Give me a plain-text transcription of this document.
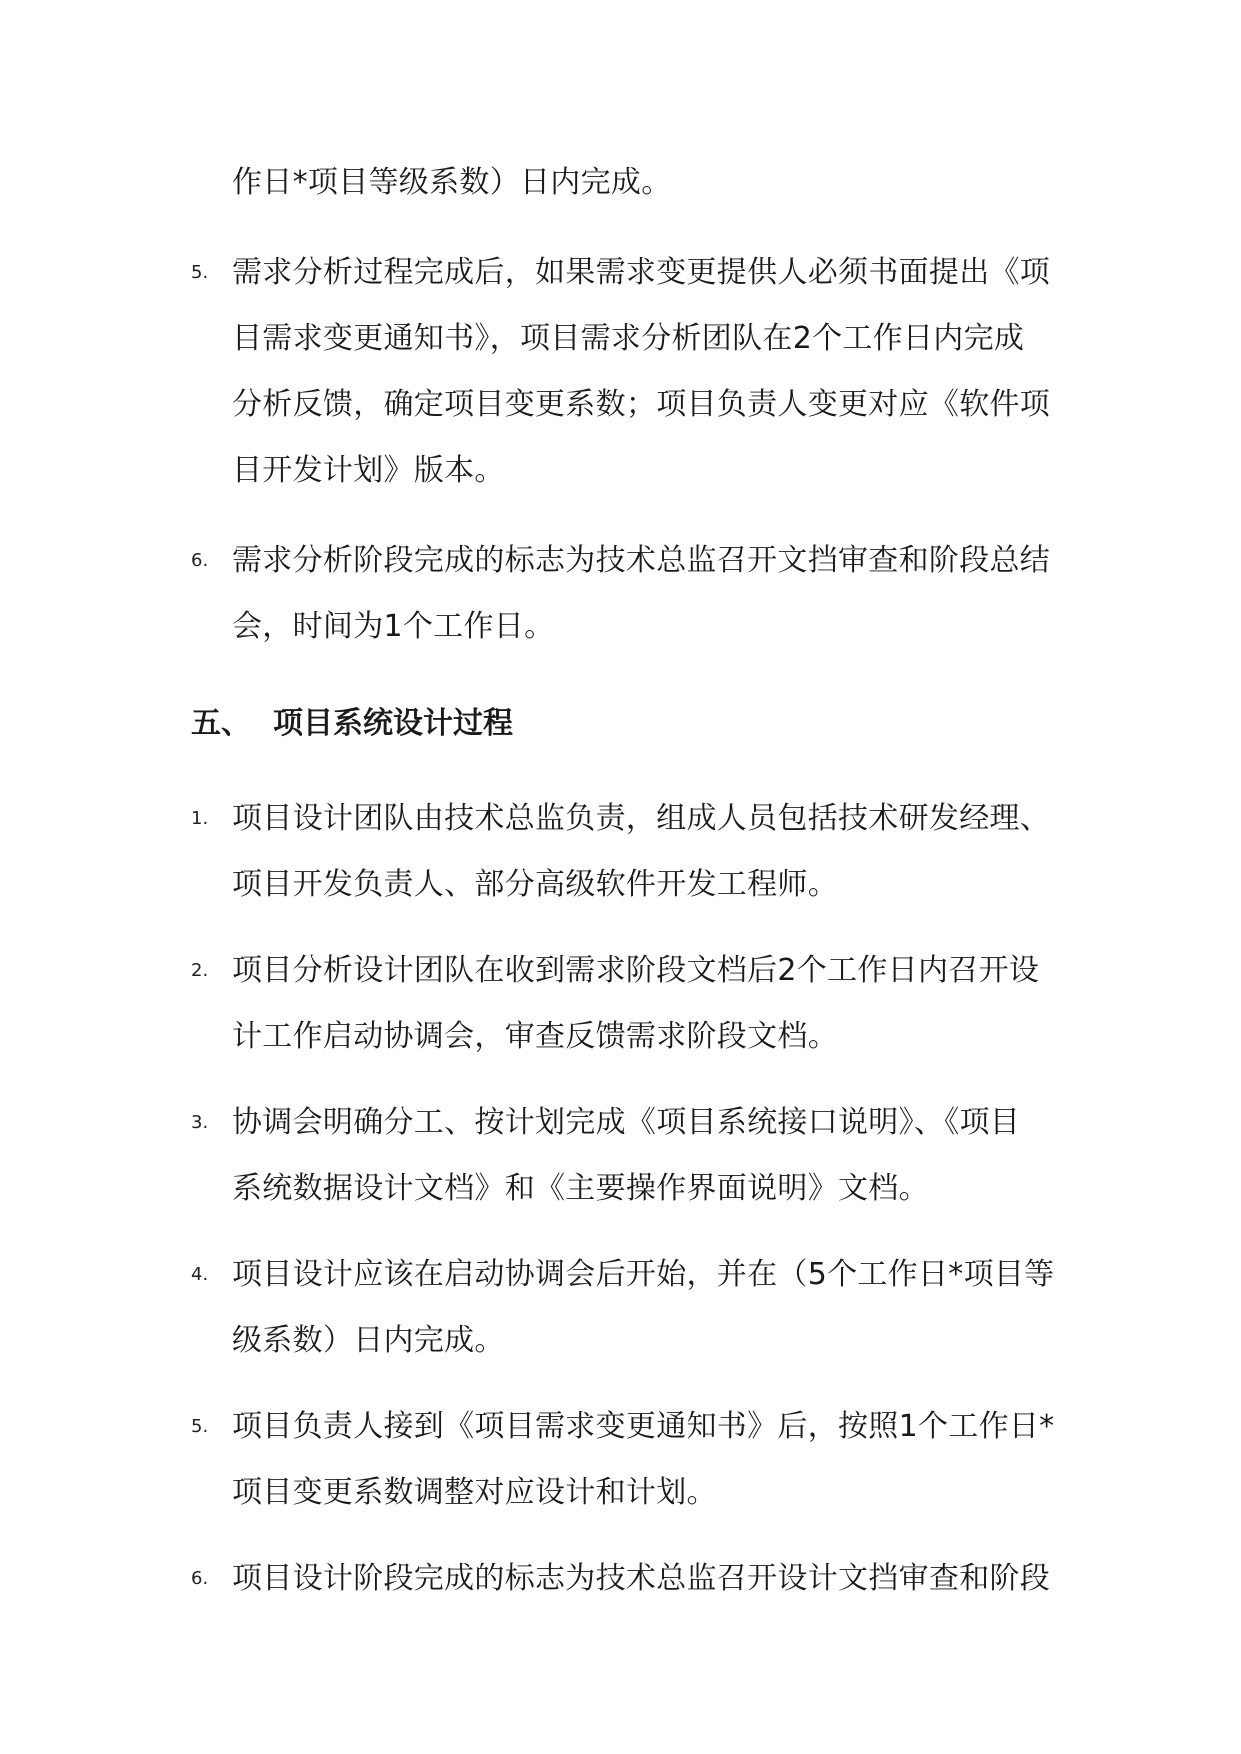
作日*项目等级系数）日内完成。
5. 需求分析过程完成后，如果需求变更提供人必须书面提出《项
目需求变更通知书》，项目需求分析团队在2个工作日内完成
分析反馈，确定项目变更系数；项目负责人变更对应《软件项
目开发计划》版本。
6. 需求分析阶段完成的标志为技术总监召开文挡审查和阶段总结
会，时间为1个工作日。
五、 项目系统设计过程
1. 项目设计团队由技术总监负责，组成人员包括技术研发经理、
项目开发负责人、部分高级软件开发工程师。
2. 项目分析设计团队在收到需求阶段文档后2个工作日内召开设
计工作启动协调会，审查反馈需求阶段文档。
3. 协调会明确分工、按计划完成《项目系统接口说明》、《项目
系统数据设计文档》和《主要操作界面说明》文档。
4. 项目设计应该在启动协调会后开始，并在（5个工作日*项目等
级系数）日内完成。
5. 项目负责人接到《项目需求变更通知书》后，按照1个工作日*
项目变更系数调整对应设计和计划。
6. 项目设计阶段完成的标志为技术总监召开设计文挡审查和阶段
